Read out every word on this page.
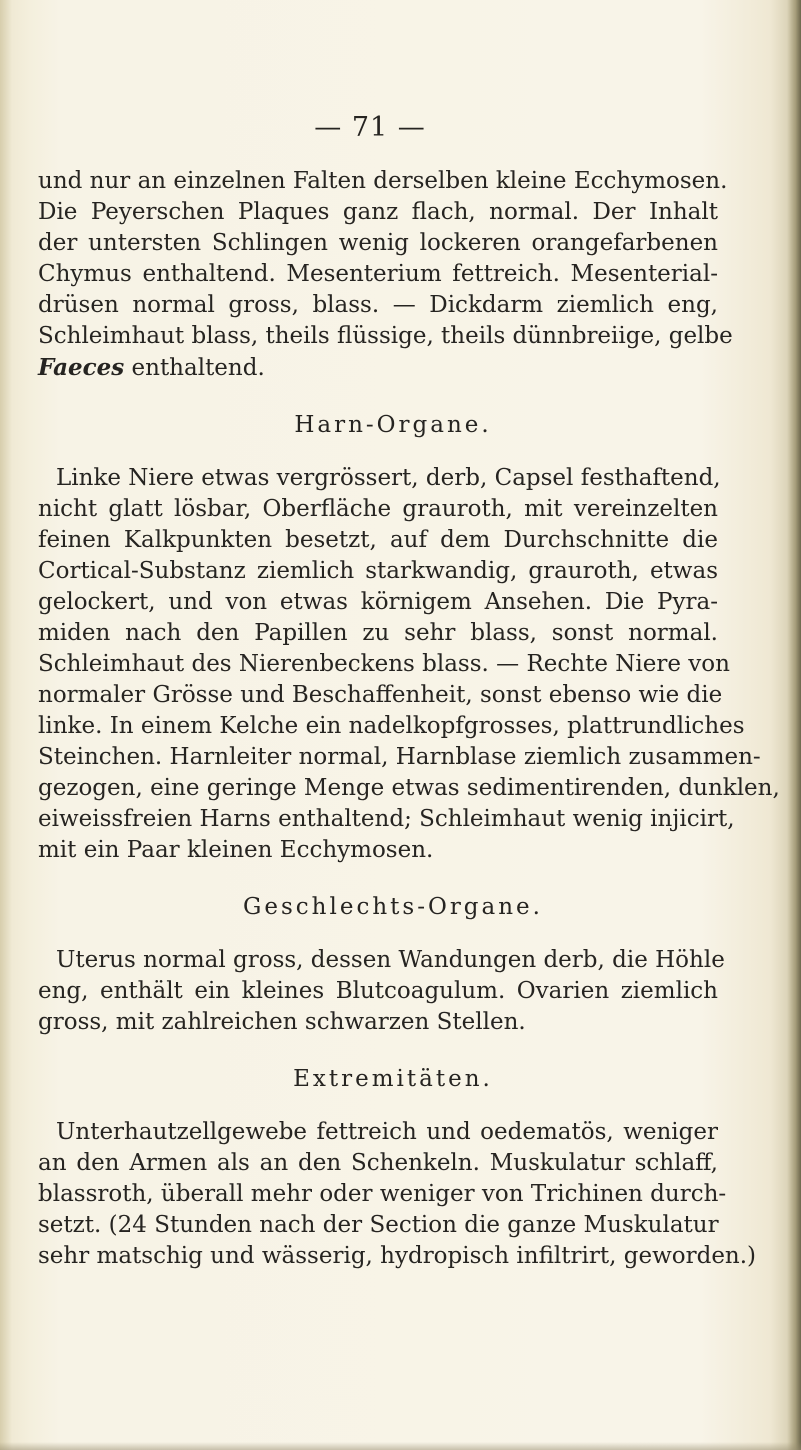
— 71 —
und nur an einzelnen Falten derselben kleine Ecchymosen.
Die Peyerschen Plaques ganz flach, normal. Der Inhalt
der untersten Schlingen wenig lockeren orangefarbenen
Chymus enthaltend. Mesenterium fettreich. Mesenterial-
drüsen normal gross, blass. — Dickdarm ziemlich eng,
Schleimhaut blass, theils flüssige, theils dünnbreiige, gelbe
Faeces enthaltend.
Harn-Organe.
Linke Niere etwas vergrössert, derb, Capsel festhaftend,
nicht glatt lösbar, Oberfläche grauroth, mit vereinzelten
feinen Kalkpunkten besetzt, auf dem Durchschnitte die
Cortical-Substanz ziemlich starkwandig, grauroth, etwas
gelockert, und von etwas körnigem Ansehen. Die Pyra-
miden nach den Papillen zu sehr blass, sonst normal.
Schleimhaut des Nierenbeckens blass. — Rechte Niere von
normaler Grösse und Beschaffenheit, sonst ebenso wie die
linke. In einem Kelche ein nadelkopfgrosses, plattrundliches
Steinchen. Harnleiter normal, Harnblase ziemlich zusammen-
gezogen, eine geringe Menge etwas sedimentirenden, dunklen,
eiweissfreien Harns enthaltend; Schleimhaut wenig injicirt,
mit ein Paar kleinen Ecchymosen.
Geschlechts-Organe.
Uterus normal gross, dessen Wandungen derb, die Höhle
eng, enthält ein kleines Blutcoagulum. Ovarien ziemlich
gross, mit zahlreichen schwarzen Stellen.
Extremitäten.
Unterhautzellgewebe fettreich und oedematös, weniger
an den Armen als an den Schenkeln. Muskulatur schlaff,
blassroth, überall mehr oder weniger von Trichinen durch-
setzt. (24 Stunden nach der Section die ganze Muskulatur
sehr matschig und wässerig, hydropisch infiltrirt, geworden.)
